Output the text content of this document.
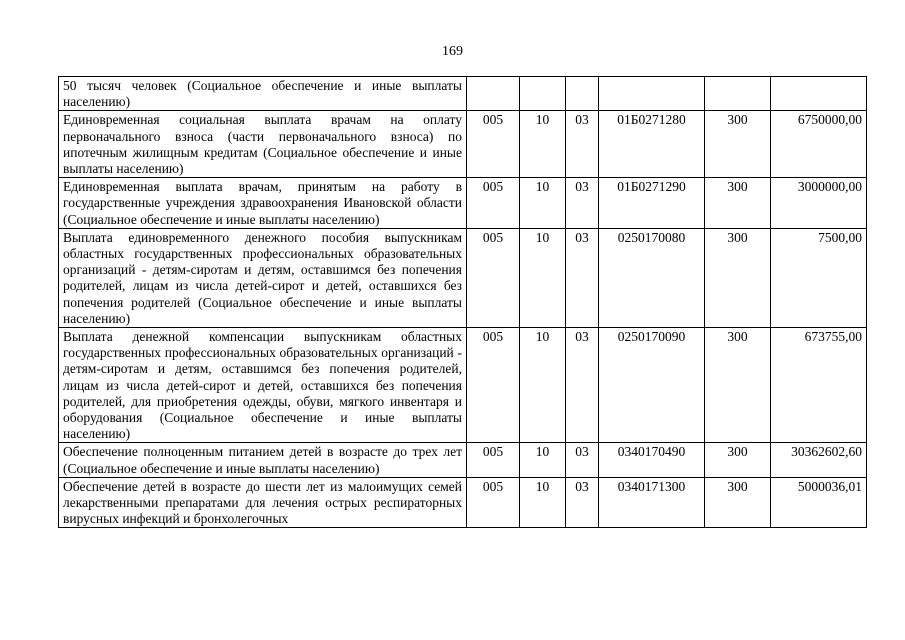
169
50 тысяч человек (Социальное обеспечение и иные выплаты населению)						
Единовременная социальная выплата врачам на оплату первоначального взноса (части первоначального взноса) по ипотечным жилищным кредитам (Социальное обеспечение и иные выплаты населению)	005	10	03	01Б0271280	300	6750000,00
Единовременная выплата врачам, принятым на работу в государственные учреждения здравоохранения Ивановской области (Социальное обеспечение и иные выплаты населению)	005	10	03	01Б0271290	300	3000000,00
Выплата единовременного денежного пособия выпускникам областных государственных профессиональных образовательных организаций - детям-сиротам и детям, оставшимся без попечения родителей, лицам из числа детей-сирот и детей, оставшихся без попечения родителей (Социальное обеспечение и иные выплаты населению)	005	10	03	0250170080	300	7500,00
Выплата денежной компенсации выпускникам областных государственных профессиональных образовательных организаций - детям-сиротам и детям, оставшимся без попечения родителей, лицам из числа детей-сирот и детей, оставшихся без попечения родителей, для приобретения одежды, обуви, мягкого инвентаря и оборудования (Социальное обеспечение и иные выплаты населению)	005	10	03	0250170090	300	673755,00
Обеспечение полноценным питанием детей в возрасте до трех лет (Социальное обеспечение и иные выплаты населению)	005	10	03	0340170490	300	30362602,60

Обеспечение детей в возрасте до шести лет из малоимущих семей лекарственными препаратами для лечения острых респираторных вирусных инфекций и бронхолегочных	005	10	03	0340171300	300	5000036,01
